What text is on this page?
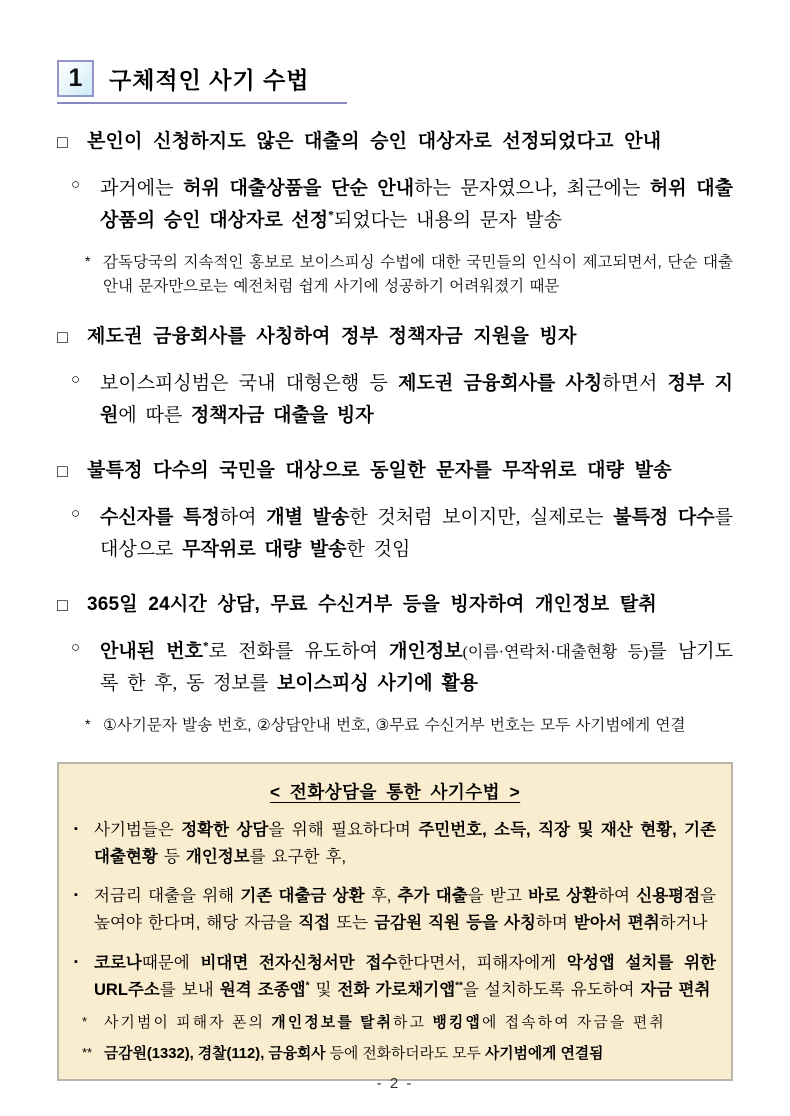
1	구체적인 사기 수법
□ 본인이 신청하지도 않은 대출의 승인 대상자로 선정되었다고 안내
○	과거에는 허위 대출상품을 단순 안내하는 문자였으나, 최근에는 허위 대출상품의 승인 대상자로 선정*되었다는 내용의 문자 발송

* 감독당국의 지속적인 홍보로 보이스피싱 수법에 대한 국민들의 인식이 제고되면서, 단순 대출안내 문자만으로는 예전처럼 쉽게 사기에 성공하기 어려워졌기 때문

□ 제도권 금융회사를 사칭하여 정부 정책자금 지원을 빙자
○	보이스피싱범은 국내 대형은행 등 제도권 금융회사를 사칭하면서 정부 지원에 따른 정책자금 대출을 빙자

□ 불특정 다수의 국민을 대상으로 동일한 문자를 무작위로 대량 발송
○	수신자를 특정하여 개별 발송한 것처럼 보이지만, 실제로는 불특정 다수를 대상으로 무작위로 대량 발송한 것임

□ 365일 24시간 상담, 무료 수신거부 등을 빙자하여 개인정보 탈취
○	안내된 번호*로 전화를 유도하여 개인정보(이름·연락처·대출현황 등)를 남기도록 한 후, 동 정보를 보이스피싱 사기에 활용

* ①사기문자 발송 번호, ②상담안내 번호, ③무료 수신거부 번호는 모두 사기범에게 연결

< 전화상담을 통한 사기수법 >
▪ 사기범들은 정확한 상담을 위해 필요하다며 주민번호, 소득, 직장 및 재산 현황, 기존 대출현황 등 개인정보를 요구한 후,

▪ 저금리 대출을 위해 기존 대출금 상환 후, 추가 대출을 받고 바로 상환하여 신용평점을 높여야 한다며, 해당 자금을 직접 또는 금감원 직원 등을 사칭하며 받아서 편취하거나

▪ 코로나때문에 비대면 전자신청서만 접수한다면서, 피해자에게 악성앱 설치를 위한 URL주소를 보내 원격 조종앱* 및 전화 가로채기앱**을 설치하도록 유도하여 자금 편취

*	사기범이 피해자 폰의 개인정보를 탈취하고 뱅킹앱에 접속하여 자금을 편취

** 금감원(1332), 경찰(112), 금융회사 등에 전화하더라도 모두 사기범에게 연결됨

- 2 -
